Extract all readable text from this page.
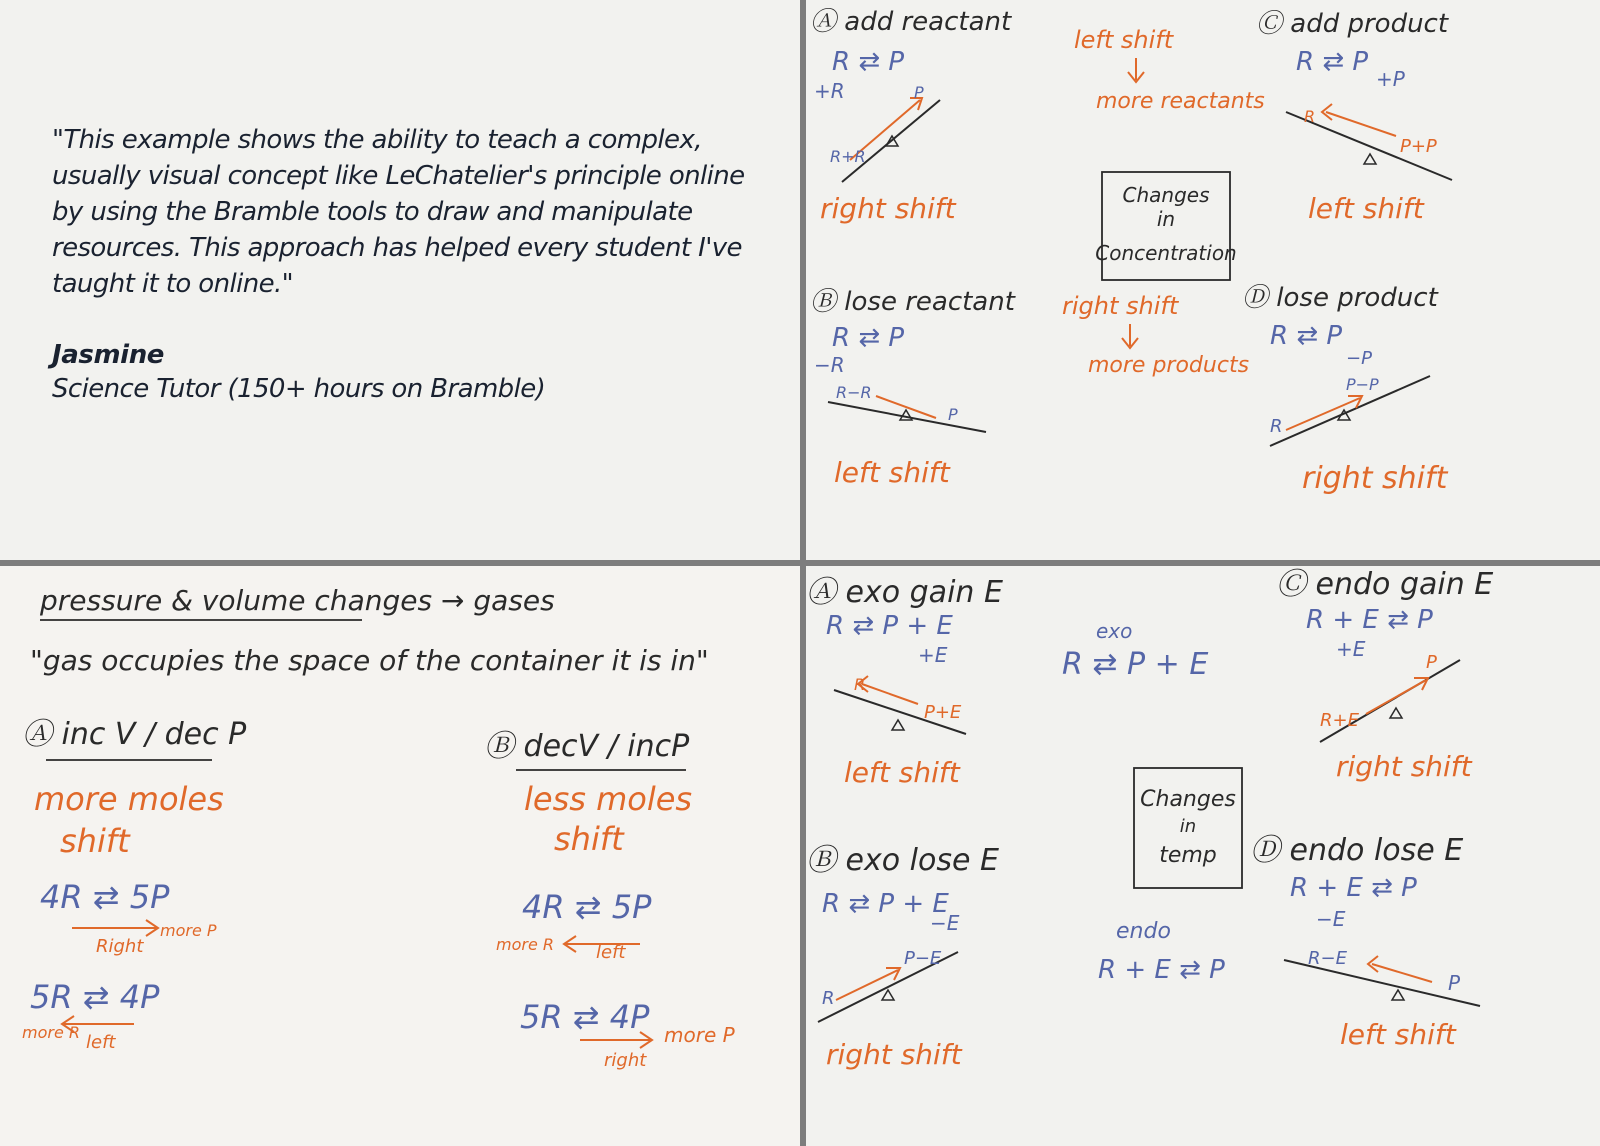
"This example shows the ability to teach a complex, usually visual concept like LeChatelier's principle online by using the Bramble tools to draw and manipulate resources. This approach has helped every student I've taught it to online."

Jasmine

Science Tutor (150+ hours on Bramble)

Ⓐ add reactant
R ⇄ P
+R
R+R
P
right shift
Ⓑ lose reactant
R ⇄ P
−R
R−R
P
left shift
left shift
more reactants
Changes
in
Concentration
right shift
more products
Ⓒ add product
R ⇄ P
+P
R
P+P
left shift
Ⓓ lose product
R ⇄ P
−P
R
P−P
right shift
pressure & volume changes → gases
"gas occupies the space of the container it is in"
Ⓐ inc V / dec P
more moles
shift
4R ⇄ 5P
Right
more P
5R ⇄ 4P
left
more R
Ⓑ decV / incP
less moles
shift
4R ⇄ 5P
left
more R
5R ⇄ 4P
right
more P
Ⓐ exo gain E
R ⇄ P + E
+E
R
P+E
left shift
Ⓑ exo lose E
R ⇄ P + E
−E
R
P−E
right shift
exo
R ⇄ P + E
Changes
in
temp
endo
R + E ⇄ P
Ⓒ endo gain E
R + E ⇄ P
+E
R+E
P
right shift
Ⓓ endo lose E
R + E ⇄ P
−E
R−E
P
left shift
